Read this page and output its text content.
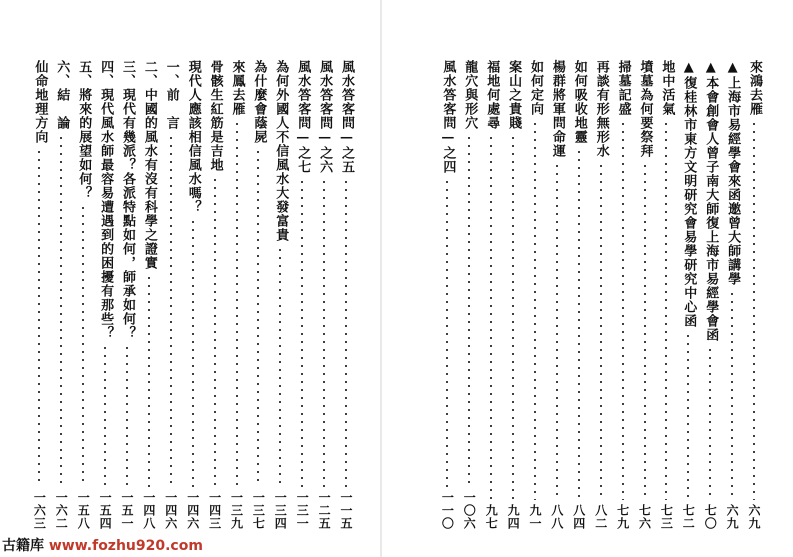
來鴻去雁
六九
▲上海市易經學會來函邀曾大師講學
六九
▲本會創會人曾子南大師復上海市易經學會函
七〇
▲復桂林市東方文明研究會易學研究中心函
七二
地中活氣
七三
墳墓為何要祭拜
七六
掃墓記盛
七九
再談有形無形水
八二
如何吸收地靈
八四
楊群將軍問命運
八八
如何定向
九一
案山之貴賤
九四
福地何處尋
九七
龍穴與形穴
一〇六
風水答客問—之四
一一〇
風水答客問—之五
一一五
風水答客問—之六
一二五
風水答客問—之七
一三一
為何外國人不信風水大發富貴
一三四
為什麼會蔭屍
一三七
來鳳去雁
一三九
骨骸生紅筋是吉地
一四三
現代人應該相信風水嗎？
一四六
一、前　言
一四六
二、中國的風水有沒有科學之證實
一四八
三、現代有幾派？各派特點如何，師承如何？
一五一
四、現代風水師最容易遭遇到的困擾有那些？
一五四
五、將來的展望如何？
一五八
六、結　論
一六二
仙命地理方向
一六三
古籍库 www.fozhu920.com
